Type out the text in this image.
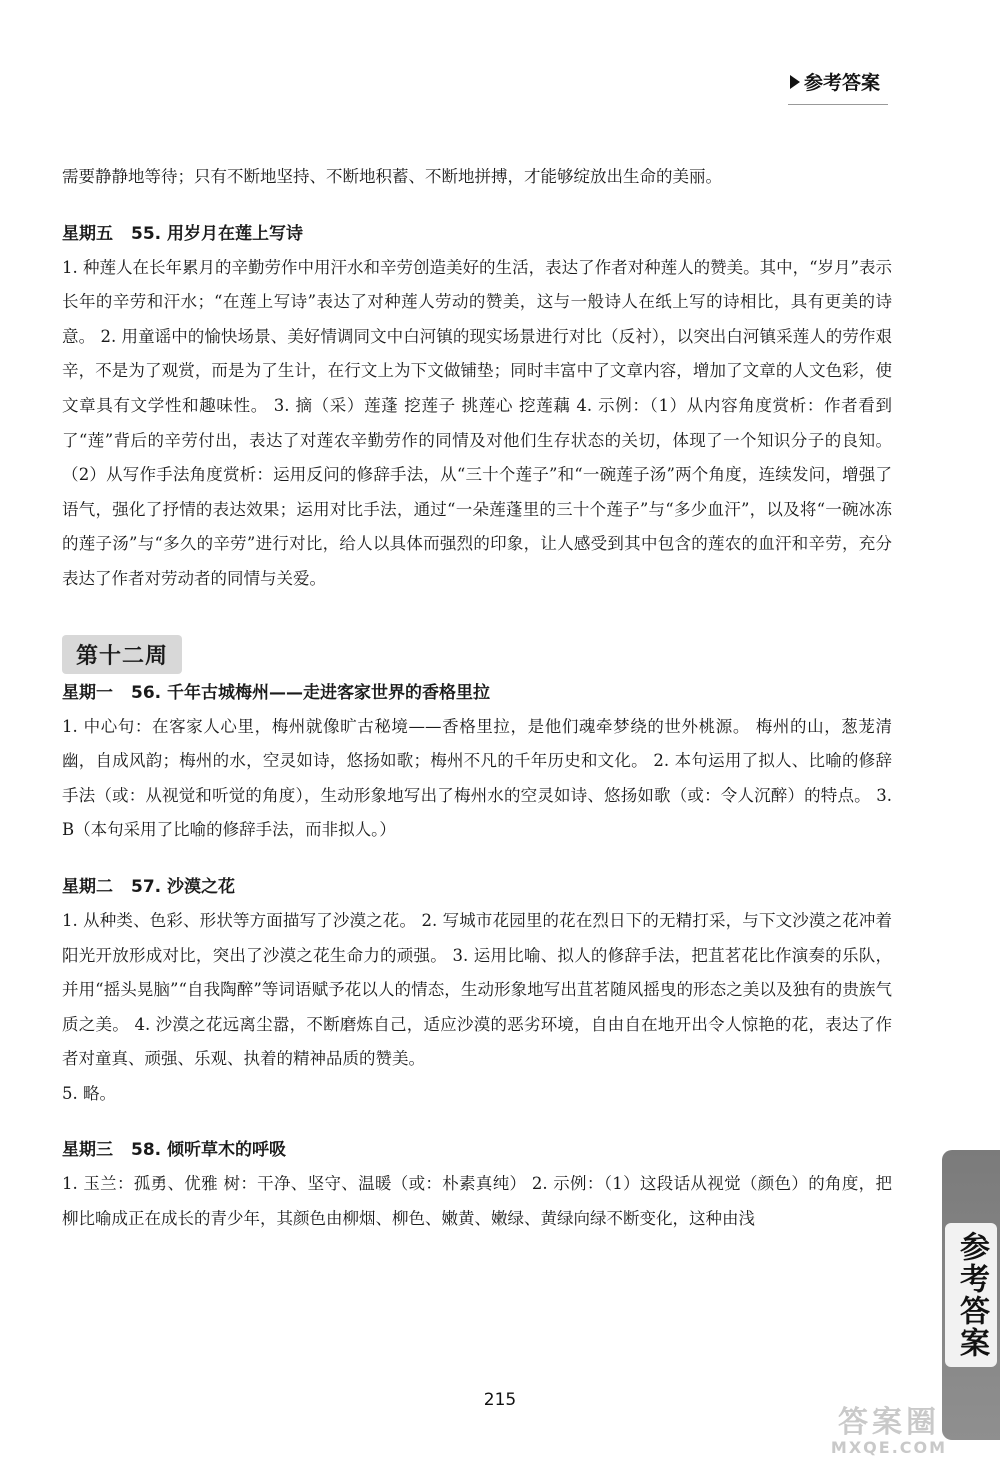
参考答案

需要静静地等待；只有不断地坚持、不断地积蓄、不断地拼搏，才能够绽放出生命的美丽。

星期五 55. 用岁月在莲上写诗

1. 种莲人在长年累月的辛勤劳作中用汗水和辛劳创造美好的生活，表达了作者对种莲人的赞美。其中，“岁月”表示长年的辛劳和汗水；“在莲上写诗”表达了对种莲人劳动的赞美，这与一般诗人在纸上写的诗相比，具有更美的诗意。 2. 用童谣中的愉快场景、美好情调同文中白河镇的现实场景进行对比（反衬），以突出白河镇采莲人的劳作艰辛，不是为了观赏，而是为了生计，在行文上为下文做铺垫；同时丰富中了文章内容，增加了文章的人文色彩，使文章具有文学性和趣味性。 3. 摘（采）莲蓬 挖莲子 挑莲心 挖莲藕 4. 示例：（1）从内容角度赏析：作者看到了“莲”背后的辛劳付出，表达了对莲农辛勤劳作的同情及对他们生存状态的关切，体现了一个知识分子的良知。 （2）从写作手法角度赏析：运用反问的修辞手法，从“三十个莲子”和“一碗莲子汤”两个角度，连续发问，增强了语气，强化了抒情的表达效果；运用对比手法，通过“一朵莲蓬里的三十个莲子”与“多少血汗”，以及将“一碗冰冻的莲子汤”与“多久的辛劳”进行对比，给人以具体而强烈的印象，让人感受到其中包含的莲农的血汗和辛劳，充分表达了作者对劳动者的同情与关爱。

第十二周

星期一 56. 千年古城梅州——走进客家世界的香格里拉

1. 中心句：在客家人心里，梅州就像旷古秘境——香格里拉，是他们魂牵梦绕的世外桃源。 梅州的山，葱茏清幽，自成风韵；梅州的水，空灵如诗，悠扬如歌；梅州不凡的千年历史和文化。 2. 本句运用了拟人、比喻的修辞手法（或：从视觉和听觉的角度），生动形象地写出了梅州水的空灵如诗、悠扬如歌（或：令人沉醉）的特点。 3. B（本句采用了比喻的修辞手法，而非拟人。）

星期二 57. 沙漠之花

1. 从种类、色彩、形状等方面描写了沙漠之花。 2. 写城市花园里的花在烈日下的无精打采，与下文沙漠之花冲着阳光开放形成对比，突出了沙漠之花生命力的顽强。 3. 运用比喻、拟人的修辞手法，把苴茗花比作演奏的乐队，并用“摇头晃脑”“自我陶醉”等词语赋予花以人的情态，生动形象地写出苴茗随风摇曳的形态之美以及独有的贵族气质之美。 4. 沙漠之花远离尘嚣，不断磨炼自己，适应沙漠的恶劣环境，自由自在地开出令人惊艳的花，表达了作者对童真、顽强、乐观、执着的精神品质的赞美。

5. 略。

星期三 58. 倾听草木的呼吸

1. 玉兰：孤勇、优雅 树：干净、坚守、温暖（或：朴素真纯） 2. 示例：（1）这段话从视觉（颜色）的角度，把柳比喻成正在成长的青少年，其颜色由柳烟、柳色、嫩黄、嫩绿、黄绿向绿不断变化，这种由浅

参考答案
215
答案圈
MXQE.COM
